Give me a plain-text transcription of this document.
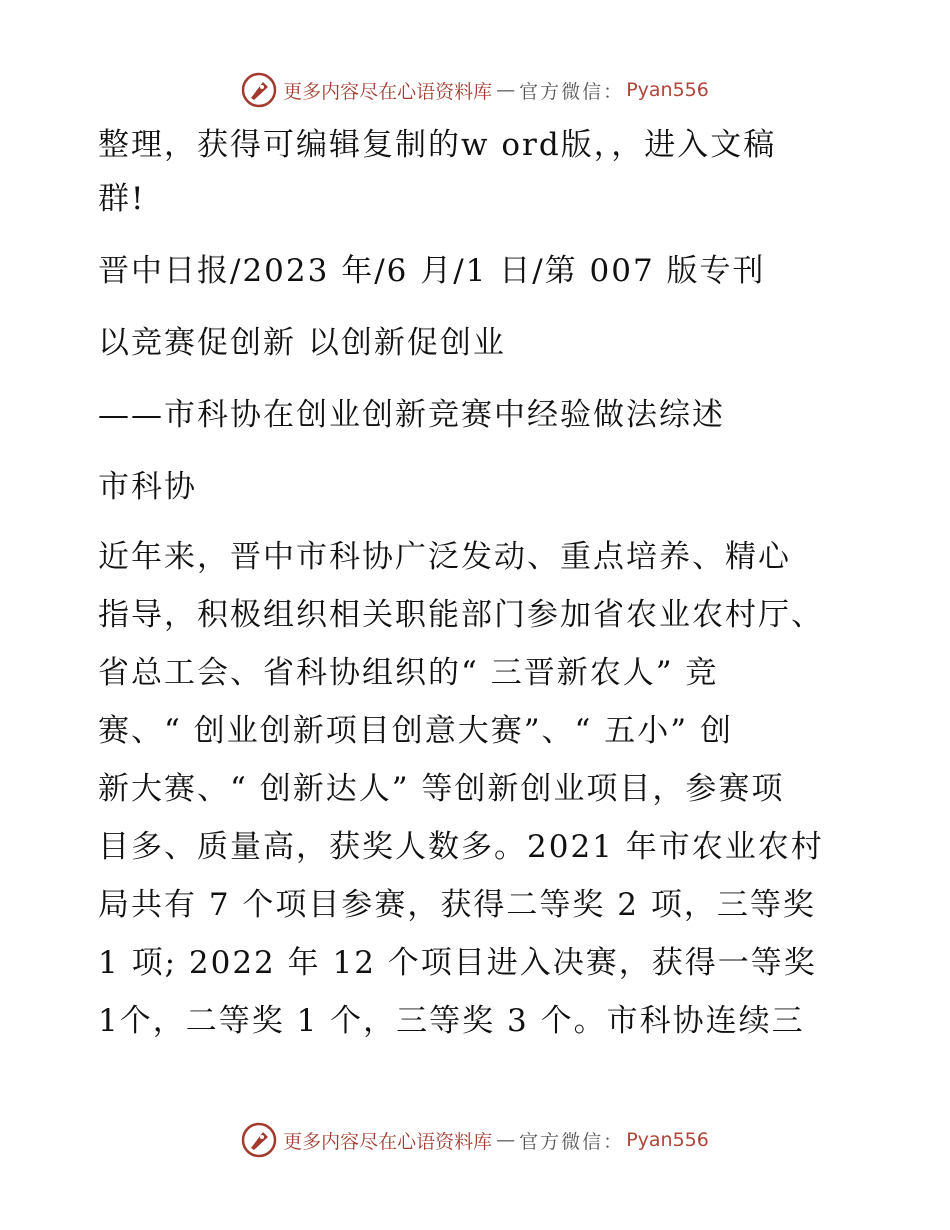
更多内容尽在心语资料库 — 官方微信： Pyan556

整理，获得可编辑复制的w ord版，，进入文稿

群!

晋中日报/2023 年/6 月/1 日/第 007 版专刊

以竞赛促创新 以创新促创业

——市科协在创业创新竞赛中经验做法综述

市科协

近年来，晋中市科协广泛发动、重点培养、精心

指导，积极组织相关职能部门参加省农业农村厅、

省总工会、省科协组织的“ 三晋新农人” 竞

赛、“ 创业创新项目创意大赛”、“ 五小” 创

新大赛、“ 创新达人” 等创新创业项目，参赛项

目多、质量高，获奖人数多。2021 年市农业农村

局共有 7 个项目参赛，获得二等奖 2 项，三等奖

1 项; 2022 年 12 个项目进入决赛，获得一等奖

1个，二等奖 1 个，三等奖 3 个。市科协连续三

更多内容尽在心语资料库 — 官方微信： Pyan556
